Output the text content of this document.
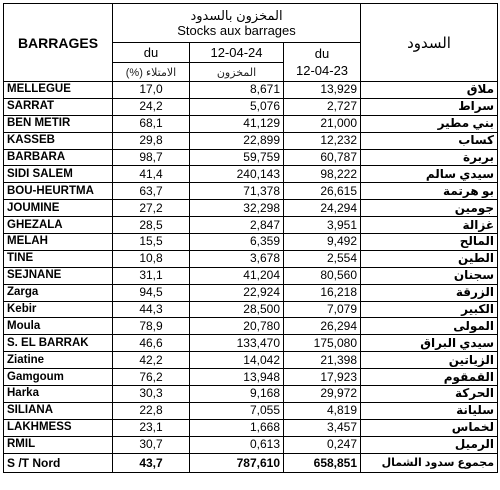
BARRAGES	المخزون بالسدود
Stocks aux barrages			السدود
	du	12-04-24	du
12-04-23	

	(%) الامتلاء	المخزون		
MELLEGUE	17,0	8,671	13,929	ملاق
SARRAT	24,2	5,076	2,727	سراط
BEN METIR	68,1	41,129	21,000	بني مطير
KASSEB	29,8	22,899	12,232	كساب
BARBARA	98,7	59,759	60,787	بربرة
SIDI SALEM	41,4	240,143	98,222	سيدي سالم
BOU-HEURTMA	63,7	71,378	26,615	بو هرتمة
JOUMINE	27,2	32,298	24,294	جومين
GHEZALA	28,5	2,847	3,951	غزالة
MELAH	15,5	6,359	9,492	المالح
TINE	10,8	3,678	2,554	الطين
SEJNANE	31,1	41,204	80,560	سجنان
Zarga	94,5	22,924	16,218	الزرقة
Kebir	44,3	28,500	7,079	الكبير
Moula	78,9	20,780	26,294	المولى
S. EL BARRAK	46,6	133,470	175,080	سيدي البراق
Ziatine	42,2	14,042	21,398	الزياتين
Gamgoum	76,2	13,948	17,923	القمقوم
Harka	30,3	9,168	29,972	الحركة
SILIANA	22,8	7,055	4,819	سليانة
LAKHMESS	23,1	1,668	3,457	لخماس
RMIL	30,7	0,613	0,247	الرميل
S /T Nord	43,7	787,610	658,851	مجموع سدود الشمال
